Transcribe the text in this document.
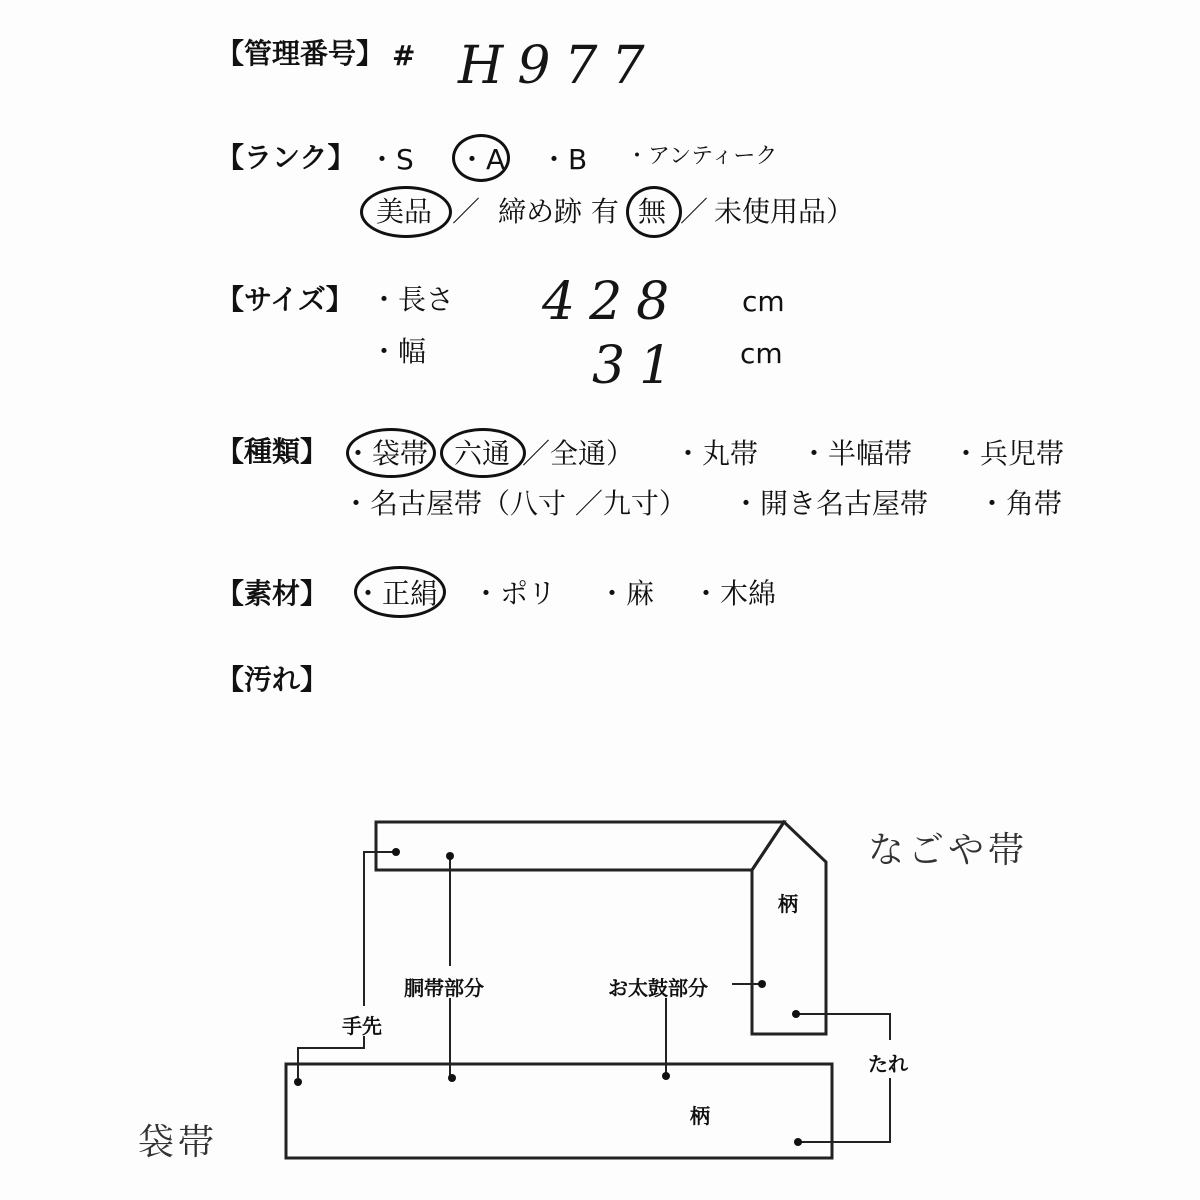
【管理番号】 # H977
【ランク】 ・S ・A ・B ・アンティーク
美品 ／ 締め跡 有 無 ／ 未使用品）
【サイズ】 ・長さ 428 cm
・幅	31 cm
【種類】 ・袋帯 六通 ／全通） ・丸帯 ・半幅帯 ・兵児帯
・名古屋帯（八寸 ／九寸） ・開き名古屋帯 ・角帯
【素材】 ・正絹 ・ポリ ・麻 ・木綿
【汚れ】
柄
柄
胴帯部分	お太鼓部分
手先
たれ
なごや帯
袋帯
